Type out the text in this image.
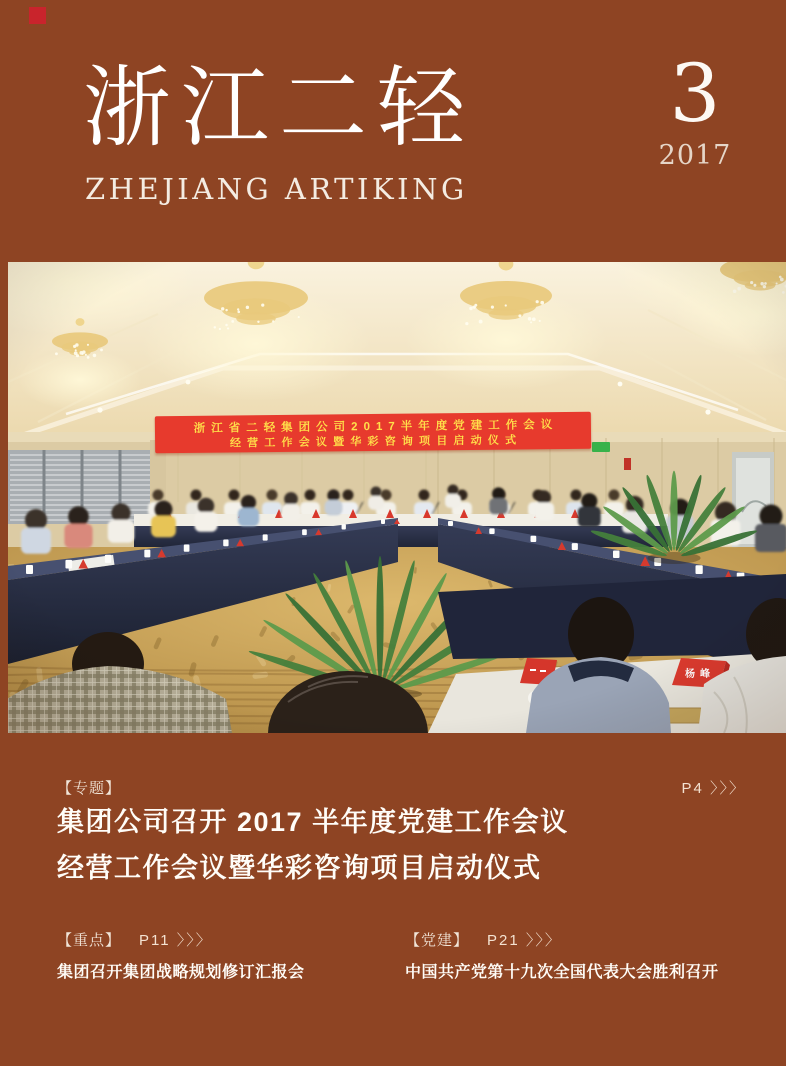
浙江二轻
ZHEJIANG ARTIKING
3
2017
【专题】	P4 〉〉〉
集团公司召开 2017 半年度党建工作会议
经营工作会议暨华彩咨询项目启动仪式
【重点】 P11 〉〉〉
集团召开集团战略规划修订汇报会
【党建】 P21 〉〉〉
中国共产党第十九次全国代表大会胜利召开
